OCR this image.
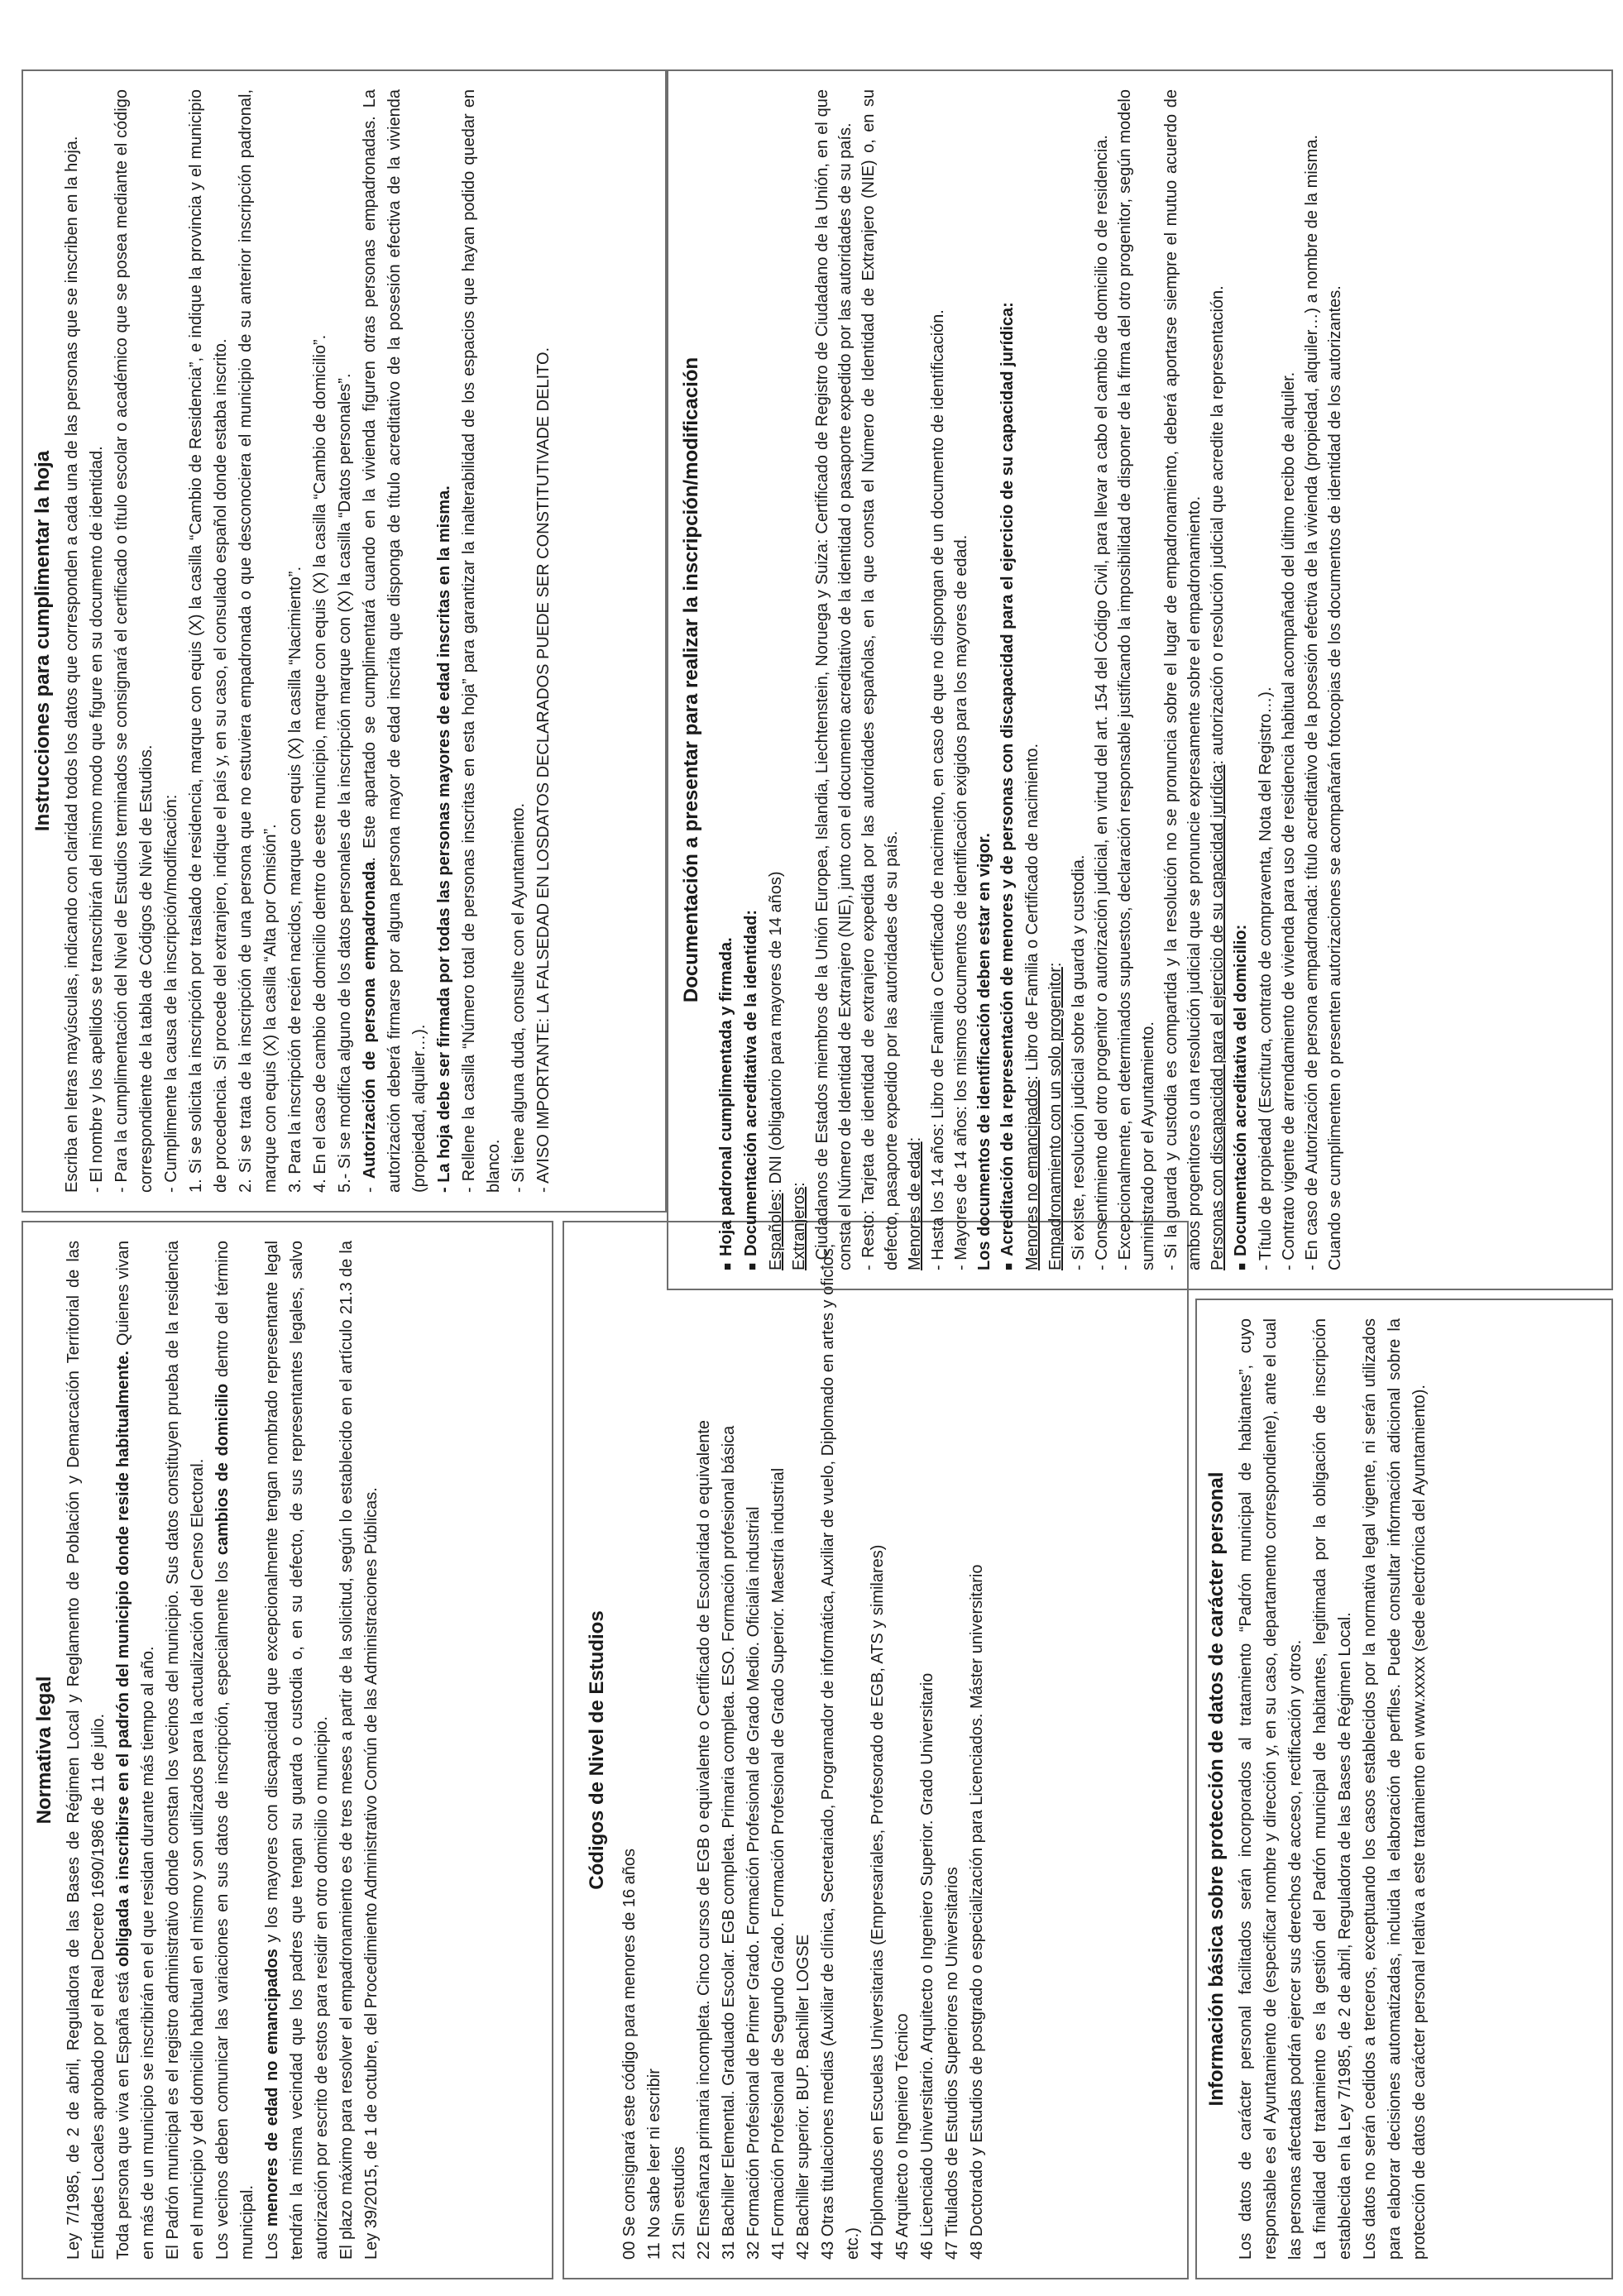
Normativa legal Ley 7/1985, de 2 de abril, Reguladora de las Bases de Régimen Local y Reglamento de Población y Demarcación Territorial de las Entidades Locales aprobado por el Real Decreto 1690/1986 de 11 de julio. Toda persona que viva en España está obligada a inscribirse en el padrón del municipio donde reside habitualmente. Quienes vivan en más de un municipio se inscribirán en el que residan durante más tiempo al año. El Padrón municipal es el registro administrativo donde constan los vecinos del municipio. Sus datos constituyen prueba de la residencia en el municipio y del domicilio habitual en el mismo y son utilizados para la actualización del Censo Electoral. Los vecinos deben comunicar las variaciones en sus datos de inscripción, especialmente los cambios de domicilio dentro del término municipal. Los menores de edad no emancipados y los mayores con discapacidad que excepcionalmente tengan nombrado representante legal tendrán la misma vecindad que los padres que tengan su guarda o custodia o, en su defecto, de sus representantes legales, salvo autorización por escrito de estos para residir en otro domicilio o municipio. El plazo máximo para resolver el empadronamiento es de tres meses a partir de la solicitud, según lo establecido en el artículo 21.3 de la Ley 39/2015, de 1 de octubre, del Procedimiento Administrativo Común de las Administraciones Públicas.	Códigos de Nivel de Estudios

00 Se consignará este código para menores de 16 años 11 No sabe leer ni escribir 21 Sin estudios 22 Enseñanza primaria incompleta. Cinco cursos de EGB o equivalente o Certificado de Escolaridad o equivalente 31 Bachiller Elemental. Graduado Escolar. EGB completa. Primaria completa. ESO. Formación profesional básica 32 Formación Profesional de Primer Grado. Formación Profesional de Grado Medio. Oficialía industrial 41 Formación Profesional de Segundo Grado. Formación Profesional de Grado Superior. Maestría industrial 42 Bachiller superior. BUP. Bachiller LOGSE 43 Otras titulaciones medias (Auxiliar de clínica, Secretariado, Programador de informática, Auxiliar de vuelo, Diplomado en artes y oficios, etc.) 44 Diplomados en Escuelas Universitarias (Empresariales, Profesorado de EGB, ATS y similares) 45 Arquitecto o Ingeniero Técnico 46 Licenciado Universitario. Arquitecto o Ingeniero Superior. Grado Universitario 47 Titulados de Estudios Superiores no Universitarios 48 Doctorado y Estudios de postgrado o especialización para Licenciados. Máster universitario	Información básica sobre protección de datos de carácter personal Los datos de carácter personal facilitados serán incorporados al tratamiento “Padrón municipal de habitantes”, cuyo responsable es el Ayuntamiento de (especificar nombre y dirección y, en su caso, departamento correspondiente), ante el cual las personas afectadas podrán ejercer sus derechos de acceso, rectificación y otros. La finalidad del tratamiento es la gestión del Padrón municipal de habitantes, legitimada por la obligación de inscripción establecida en la Ley 7/1985, de 2 de abril, Reguladora de las Bases de Régimen Local. Los datos no serán cedidos a terceros, exceptuando los casos establecidos por la normativa legal vigente, ni serán utilizados para elaborar decisiones automatizadas, incluida la elaboración de perfiles. Puede consultar información adicional sobre la protección de datos de carácter personal relativa a este tratamiento en www.xxxxx (sede electrónica del Ayuntamiento).

Instrucciones para cumplimentar la hoja Escriba en letras mayúsculas, indicando con claridad todos los datos que corresponden a cada una de las personas que se inscriben en la hoja. - El nombre y los apellidos se transcribirán del mismo modo que figure en su documento de identidad. - Para la cumplimentación del Nivel de Estudios terminados se consignará el certificado o título escolar o académico que se posea mediante el código correspondiente de la tabla de Códigos de Nivel de Estudios. - Cumplimente la causa de la inscripción/modificación: 1. Si se solicita la inscripción por traslado de residencia, marque con equis (X) la casilla “Cambio de Residencia”, e indique la provincia y el municipio de procedencia. Si procede del extranjero, indique el país y, en su caso, el consulado español donde estaba inscrito. 2. Si se trata de la inscripción de una persona que no estuviera empadronada o que desconociera el municipio de su anterior inscripción padronal, marque con equis (X) la casilla “Alta por Omisión”. 3. Para la inscripción de recién nacidos, marque con equis (X) la casilla “Nacimiento”. 4. En el caso de cambio de domicilio dentro de este municipio, marque con equis (X) la casilla “Cambio de domicilio”. 5.- Si se modifica alguno de los datos personales de la inscripción marque con (X) la casilla “Datos personales”. - Autorización de persona empadronada. Este apartado se cumplimentará cuando en la vivienda figuren otras personas empadronadas. La autorización deberá firmarse por alguna persona mayor de edad inscrita que disponga de título acreditativo de la posesión efectiva de la vivienda (propiedad, alquiler…). - La hoja debe ser firmada por todas las personas mayores de edad inscritas en la misma. - Rellene la casilla “Número total de personas inscritas en esta hoja” para garantizar la inalterabilidad de los espacios que hayan podido quedar en blanco. - Si tiene alguna duda, consulte con el Ayuntamiento. - AVISO IMPORTANTE: LA FALSEDAD EN LOSDATOS DECLARADOS PUEDE SER CONSTITUTIVADE DELITO.	Documentación a presentar para realizar la inscripción/modificación

■Hoja padronal cumplimentada y firmada.

■Documentación acreditativa de la identidad: Españoles: DNI (obligatorio para mayores de 14 años)

Extranjeros: - Ciudadanos de Estados miembros de la Unión Europea, Islandia, Liechtenstein, Noruega y Suiza: Certificado de Registro de Ciudadano de la Unión, en el que consta el Número de Identidad de Extranjero (NIE), junto con el documento acreditativo de la identidad o pasaporte expedido por las autoridades de su país. - Resto: Tarjeta de identidad de extranjero expedida por las autoridades españolas, en la que consta el Número de Identidad de Extranjero (NIE) o, en su defecto, pasaporte expedido por las autoridades de su país. Menores de edad: - Hasta los 14 años: Libro de Familia o Certificado de nacimiento, en caso de que no dispongan de un documento de identificación. - Mayores de 14 años: los mismos documentos de identificación exigidos para los mayores de edad. Los documentos de identificación deben estar en vigor. ■Acreditación de la representación de menores y de personas con discapacidad para el ejercicio de su capacidad jurídica: Menores no emancipados: Libro de Familia o Certificado de nacimiento.

Empadronamiento con un solo progenitor: - Si existe, resolución judicial sobre la guarda y custodia. - Consentimiento del otro progenitor o autorización judicial, en virtud del art. 154 del Código Civil, para llevar a cabo el cambio de domicilio o de residencia. - Excepcionalmente, en determinados supuestos, declaración responsable justificando la imposibilidad de disponer de la firma del otro progenitor, según modelo suministrado por el Ayuntamiento. - Si la guarda y custodia es compartida y la resolución no se pronuncia sobre el lugar de empadronamiento, deberá aportarse siempre el mutuo acuerdo de ambos progenitores o una resolución judicial que se pronuncie expresamente sobre el empadronamiento. Personas con discapacidad para el ejercicio de su capacidad jurídica: autorización o resolución judicial que acredite la representación.

■Documentación acreditativa del domicilio: - Título de propiedad (Escritura, contrato de compraventa, Nota del Registro…). - Contrato vigente de arrendamiento de vivienda para uso de residencia habitual acompañado del último recibo de alquiler. - En caso de Autorización de persona empadronada: título acreditativo de la posesión efectiva de la vivienda (propiedad, alquiler…) a nombre de la misma. Cuando se cumplimenten o presenten autorizaciones se acompañarán fotocopias de los documentos de identidad de los autorizantes.
